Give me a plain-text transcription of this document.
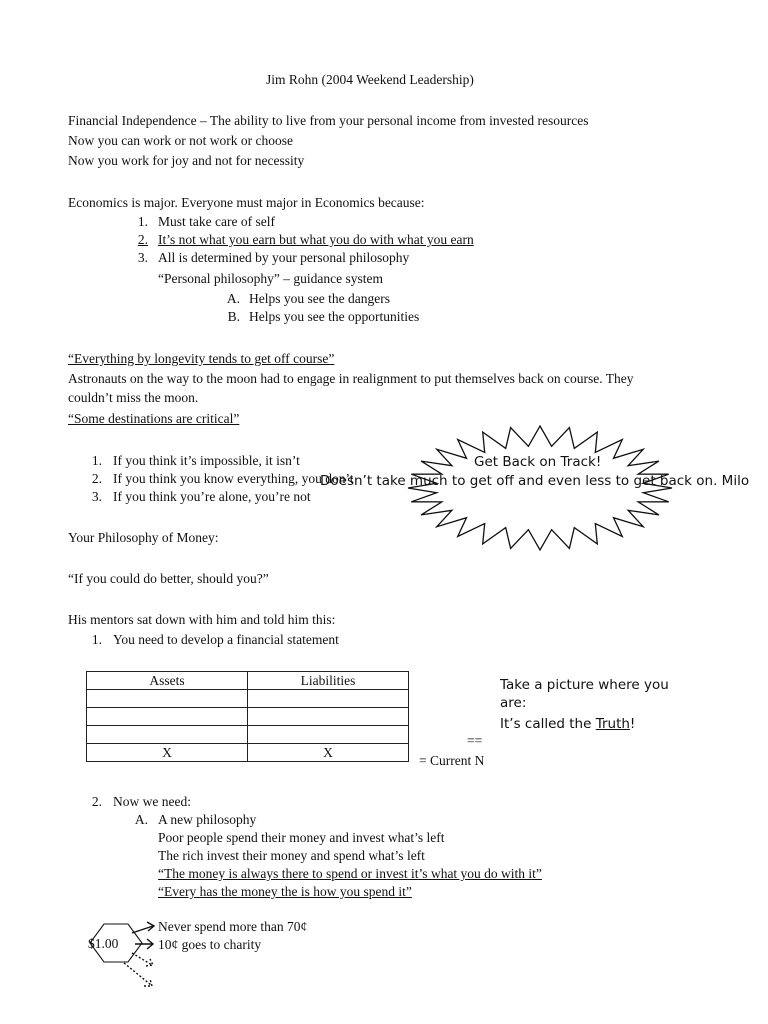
Jim Rohn (2004 Weekend Leadership)
Financial Independence – The ability to live from your personal income from invested resources
Now you can work or not work or choose
Now you work for joy and not for necessity
Economics is major. Everyone must major in Economics because:
1. Must take care of self
2. It’s not what you earn but what you do with what you earn
3. All is determined by your personal philosophy
“Personal philosophy” – guidance system
A. Helps you see the dangers
B. Helps you see the opportunities
“Everything by longevity tends to get off course”
Astronauts on the way to the moon had to engage in realignment to put themselves back on course. They
couldn’t miss the moon.
“Some destinations are critical”
1. If you think it’s impossible, it isn’t
2. If you think you know everything, you don’t
3. If you think you’re alone, you’re not
Get Back on Track!
Doesn’t take much to get off and even less to get back on. Milo
Your Philosophy of Money:
“If you could do better, should you?”
His mentors sat down with him and told him this:
1. You need to develop a financial statement
Assets	Liabilities

X	X
Take a picture where you
are:
It’s called the Truth!
==
= Current N
2. Now we need:
A. A new philosophy
Poor people spend their money and invest what’s left
The rich invest their money and spend what’s left
“The money is always there to spend or invest it’s what you do with it”
“Every has the money the is how you spend it”
$1.00
Never spend more than 70¢
10¢ goes to charity
